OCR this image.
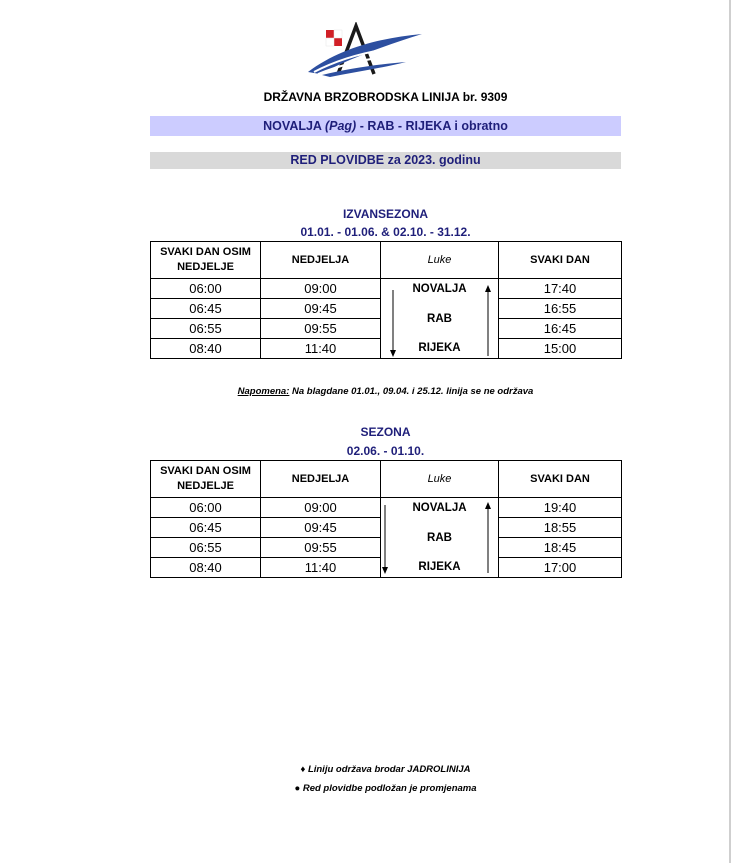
DRŽAVNA BRZOBRODSKA LINIJA br. 9309
NOVALJA (Pag) - RAB - RIJEKA i obratno
RED PLOVIDBE za 2023. godinu
IZVANSEZONA
01.01. - 01.06. & 02.10. - 31.12.
SVAKI DAN OSIM NEDJELJE	NEDJELJA	Luke	SVAKI DAN
06:00	09:00	NOVALJA	17:40
06:45	09:45	RAB	16:55
06:55	09:55		16:45
08:40	11:40	RIJEKA	15:00
Napomena: Na blagdane 01.01., 09.04. i 25.12. linija se ne održava
SEZONA
02.06. - 01.10.
SVAKI DAN OSIM NEDJELJE	NEDJELJA	Luke	SVAKI DAN
06:00	09:00	NOVALJA	19:40
06:45	09:45	RAB	18:55
06:55	09:55		18:45
08:40	11:40	RIJEKA	17:00
♦ Liniju održava brodar JADROLINIJA
● Red plovidbe podložan je promjenama
